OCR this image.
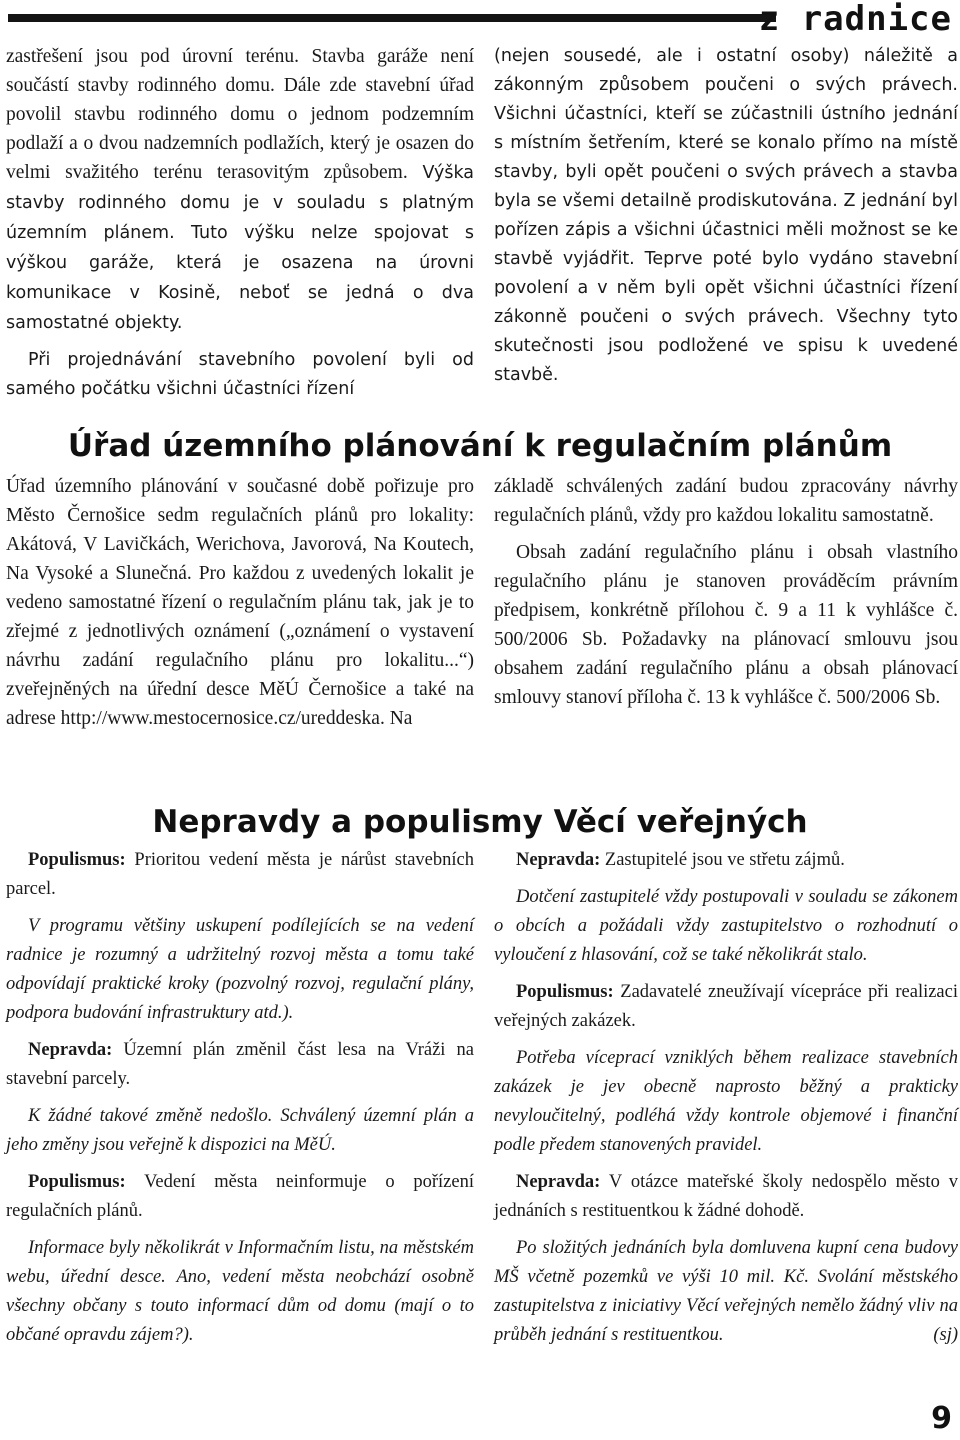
z radnice

zastřešení jsou pod úrovní terénu. Stavba garáže není součástí stavby rodinného domu. Dále zde stavební úřad povolil stavbu rodinného domu o jednom podzemním podlaží a o dvou nadzemních podlažích, který je osazen do velmi svažitého terénu terasovitým způsobem. Výška stavby rodinného domu je v souladu s platným územním plánem. Tuto výšku nelze spojovat s výškou garáže, která je osazena na úrovni komunikace v Kosině, neboť se jedná o dva samostatné objekty.

Při projednávání stavebního povolení byli od samého počátku všichni účastníci řízení

(nejen sousedé, ale i ostatní osoby) náležitě a zákonným způsobem poučeni o svých právech. Všichni účastníci, kteří se zúčastnili ústního jednání s místním šetřením, které se konalo přímo na místě stavby, byli opět poučeni o svých právech a stavba byla se všemi detailně prodiskutována. Z jednání byl pořízen zápis a všichni účastnici měli možnost se ke stavbě vyjádřit. Teprve poté bylo vydáno stavební povolení a v něm byli opět všichni účastníci řízení zákonně poučeni o svých právech. Všechny tyto skutečnosti jsou podložené ve spisu k uvedené stavbě.

Úřad územního plánování k regulačním plánům

Úřad územního plánování v současné době pořizuje pro Město Černošice sedm regulačních plánů pro lokality: Akátová, V Lavičkách, Werichova, Javorová, Na Koutech, Na Vysoké a Slunečná. Pro každou z uvedených lokalit je vedeno samostatné řízení o regulačním plánu tak, jak je to zřejmé z jednotlivých oznámení („oznámení o vystavení návrhu zadání regulačního plánu pro lokalitu...“) zveřejněných na úřední desce MěÚ Černošice a také na adrese http://www.mestocernosice.cz/ureddeska. Na

základě schválených zadání budou zpracovány návrhy regulačních plánů, vždy pro každou lokalitu samostatně.

Obsah zadání regulačního plánu i obsah vlastního regulačního plánu je stanoven prováděcím právním předpisem, konkrétně přílohou č. 9 a 11 k vyhlášce č. 500/2006 Sb. Požadavky na plánovací smlouvu jsou obsahem zadání regulačního plánu a obsah plánovací smlouvy stanoví příloha č. 13 k vyhlášce č. 500/2006 Sb.

Nepravdy a populismy Věcí veřejných

Populismus: Prioritou vedení města je nárůst stavebních parcel.

V programu většiny uskupení podílejících se na vedení radnice je rozumný a udržitelný rozvoj města a tomu také odpovídají praktické kroky (pozvolný rozvoj, regulační plány, podpora budování infrastruktury atd.).

Nepravda: Územní plán změnil část lesa na Vráži na stavební parcely.

K žádné takové změně nedošlo. Schválený územní plán a jeho změny jsou veřejně k dispozici na MěÚ.

Populismus: Vedení města neinformuje o pořízení regulačních plánů.

Informace byly několikrát v Informačním listu, na městském webu, úřední desce. Ano, vedení města neobchází osobně všechny občany s touto informací dům od domu (mají o to občané opravdu zájem?).

Nepravda: Zastupitelé jsou ve střetu zájmů.

Dotčení zastupitelé vždy postupovali v souladu se zákonem o obcích a požádali vždy zastupitelstvo o rozhodnutí o vyloučení z hlasování, což se také několikrát stalo.

Populismus: Zadavatelé zneužívají vícepráce při realizaci veřejných zakázek.

Potřeba víceprací vzniklých během realizace stavebních zakázek je jev obecně naprosto běžný a prakticky nevyloučitelný, podléhá vždy kontrole objemové i finanční podle předem stanovených pravidel.

Nepravda: V otázce mateřské školy nedospělo město v jednáních s restituentkou k žádné dohodě.

Po složitých jednáních byla domluvena kupní cena budovy MŠ včetně pozemků ve výši 10 mil. Kč. Svolání městského zastupitelstva z iniciativy Věcí veřejných nemělo žádný vliv na průběh jednání s restituentkou.	(sj)

9
